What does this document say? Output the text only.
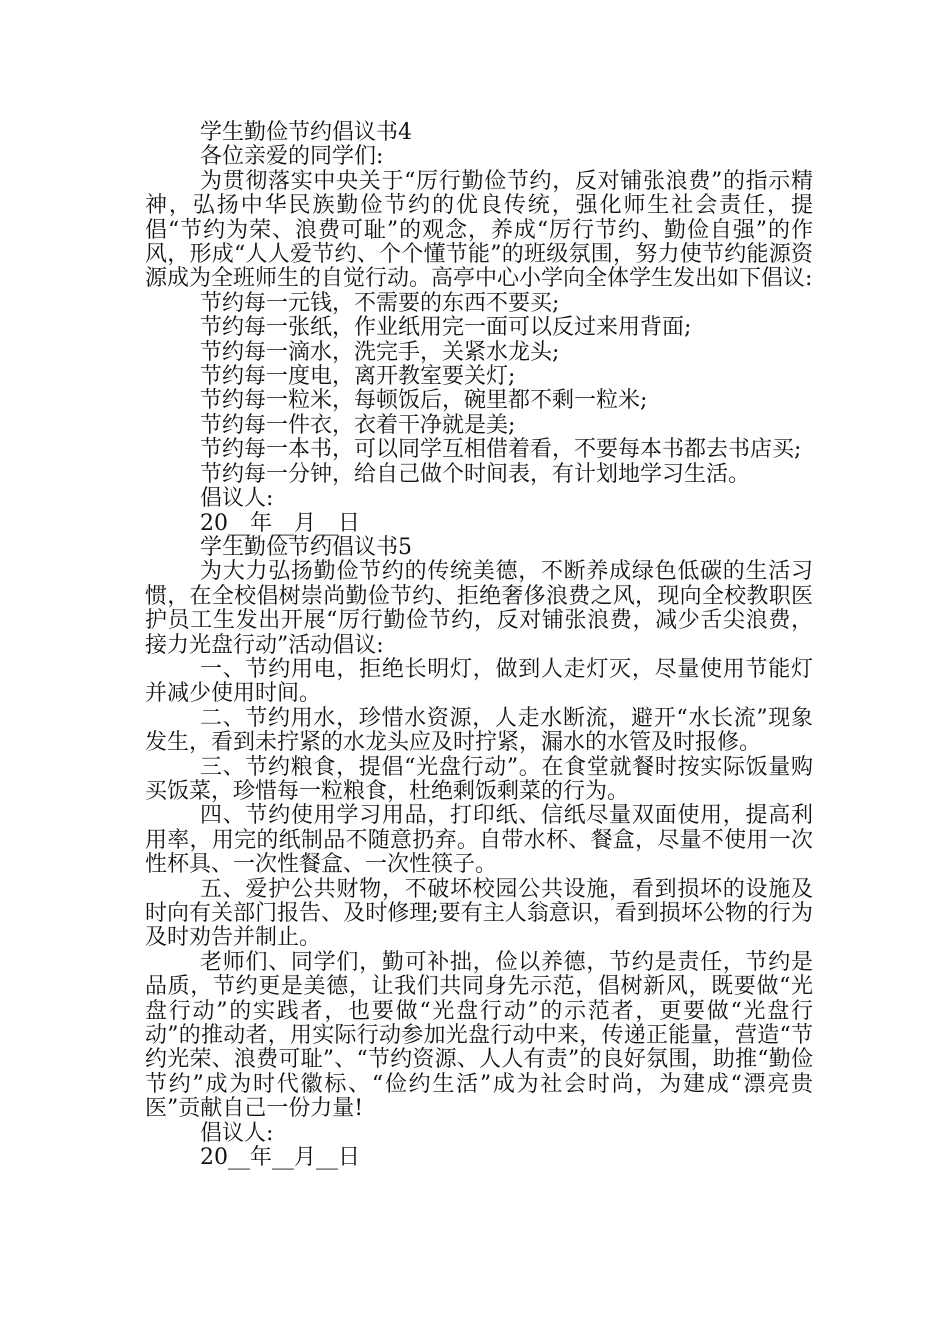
学生勤俭节约倡议书4

各位亲爱的同学们:

为贯彻落实中央关于“厉行勤俭节约，反对铺张浪费”的指示精神，弘扬中华民族勤俭节约的优良传统，强化师生社会责任，提倡“节约为荣、浪费可耻”的观念，养成“厉行节约、勤俭自强”的作风，形成“人人爱节约、个个懂节能”的班级氛围，努力使节约能源资源成为全班师生的自觉行动。高亭中心小学向全体学生发出如下倡议:

节约每一元钱，不需要的东西不要买;

节约每一张纸，作业纸用完一面可以反过来用背面;

节约每一滴水，洗完手，关紧水龙头;

节约每一度电，离开教室要关灯;

节约每一粒米，每顿饭后，碗里都不剩一粒米;

节约每一件衣，衣着干净就是美;

节约每一本书，可以同学互相借着看，不要每本书都去书店买;

节约每一分钟，给自己做个时间表，有计划地学习生活。

倡议人:

20__年__月__日

学生勤俭节约倡议书5

为大力弘扬勤俭节约的传统美德，不断养成绿色低碳的生活习惯，在全校倡树崇尚勤俭节约、拒绝奢侈浪费之风，现向全校教职医护员工生发出开展“厉行勤俭节约，反对铺张浪费，减少舌尖浪费，接力光盘行动”活动倡议:

一、节约用电，拒绝长明灯，做到人走灯灭，尽量使用节能灯并减少使用时间。

二、节约用水，珍惜水资源，人走水断流，避开“水长流”现象发生，看到未拧紧的水龙头应及时拧紧，漏水的水管及时报修。

三、节约粮食，提倡“光盘行动”。在食堂就餐时按实际饭量购买饭菜，珍惜每一粒粮食，杜绝剩饭剩菜的行为。

四、节约使用学习用品，打印纸、信纸尽量双面使用，提高利用率，用完的纸制品不随意扔弃。自带水杯、餐盒，尽量不使用一次性杯具、一次性餐盒、一次性筷子。

五、爱护公共财物，不破坏校园公共设施，看到损坏的设施及时向有关部门报告、及时修理;要有主人翁意识，看到损坏公物的行为及时劝告并制止。

老师们、同学们，勤可补拙，俭以养德，节约是责任，节约是品质，节约更是美德，让我们共同身先示范，倡树新风，既要做“光盘行动”的实践者，也要做“光盘行动”的示范者，更要做“光盘行动”的推动者，用实际行动参加光盘行动中来，传递正能量，营造“节约光荣、浪费可耻”、“节约资源、人人有责”的良好氛围，助推“勤俭节约”成为时代徽标、“俭约生活”成为社会时尚，为建成“漂亮贵医”贡献自己一份力量!

倡议人:

20__年__月__日
